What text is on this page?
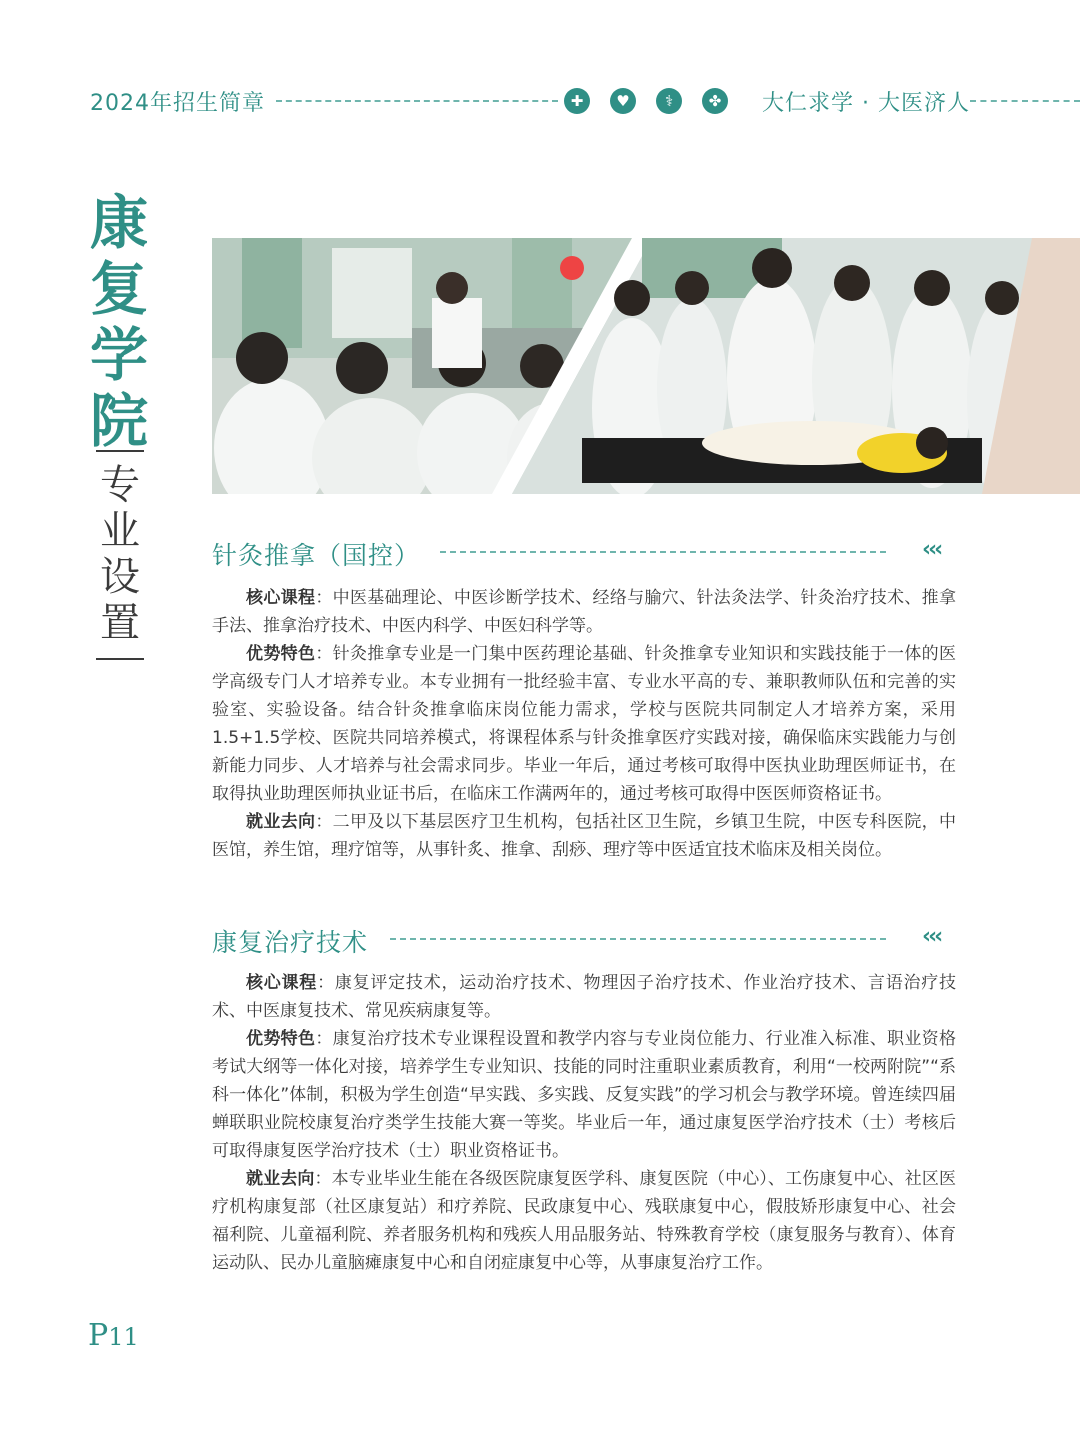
2024年招生简章	✚	♥	⚕	✤	大仁求学 · 大医济人
康
复
学
院
专
业
设
置
针灸推拿（国控）	‹‹‹

核心课程：中医基础理论、中医诊断学技术、经络与腧穴、针法灸法学、针灸治疗技术、推拿手法、推拿治疗技术、中医内科学、中医妇科学等。

优势特色：针灸推拿专业是一门集中医药理论基础、针灸推拿专业知识和实践技能于一体的医学高级专门人才培养专业。本专业拥有一批经验丰富、专业水平高的专、兼职教师队伍和完善的实验室、实验设备。结合针灸推拿临床岗位能力需求，学校与医院共同制定人才培养方案，采用1.5+1.5学校、医院共同培养模式，将课程体系与针灸推拿医疗实践对接，确保临床实践能力与创新能力同步、人才培养与社会需求同步。毕业一年后，通过考核可取得中医执业助理医师证书，在取得执业助理医师执业证书后，在临床工作满两年的，通过考核可取得中医医师资格证书。

就业去向：二甲及以下基层医疗卫生机构，包括社区卫生院，乡镇卫生院，中医专科医院，中医馆，养生馆，理疗馆等，从事针炙、推拿、刮痧、理疗等中医适宜技术临床及相关岗位。

康复治疗技术	‹‹‹

核心课程：康复评定技术，运动治疗技术、物理因子治疗技术、作业治疗技术、言语治疗技术、中医康复技术、常见疾病康复等。

优势特色：康复治疗技术专业课程设置和教学内容与专业岗位能力、行业准入标准、职业资格考试大纲等一体化对接，培养学生专业知识、技能的同时注重职业素质教育，利用“一校两附院”“系科一体化”体制，积极为学生创造“早实践、多实践、反复实践”的学习机会与教学环境。曾连续四届蝉联职业院校康复治疗类学生技能大赛一等奖。毕业后一年，通过康复医学治疗技术（士）考核后可取得康复医学治疗技术（士）职业资格证书。

就业去向：本专业毕业生能在各级医院康复医学科、康复医院（中心）、工伤康复中心、社区医疗机构康复部（社区康复站）和疗养院、民政康复中心、残联康复中心，假肢矫形康复中心、社会福利院、儿童福利院、养者服务机构和残疾人用品服务站、特殊教育学校（康复服务与教育）、体育运动队、民办儿童脑瘫康复中心和自闭症康复中心等，从事康复治疗工作。

P11
